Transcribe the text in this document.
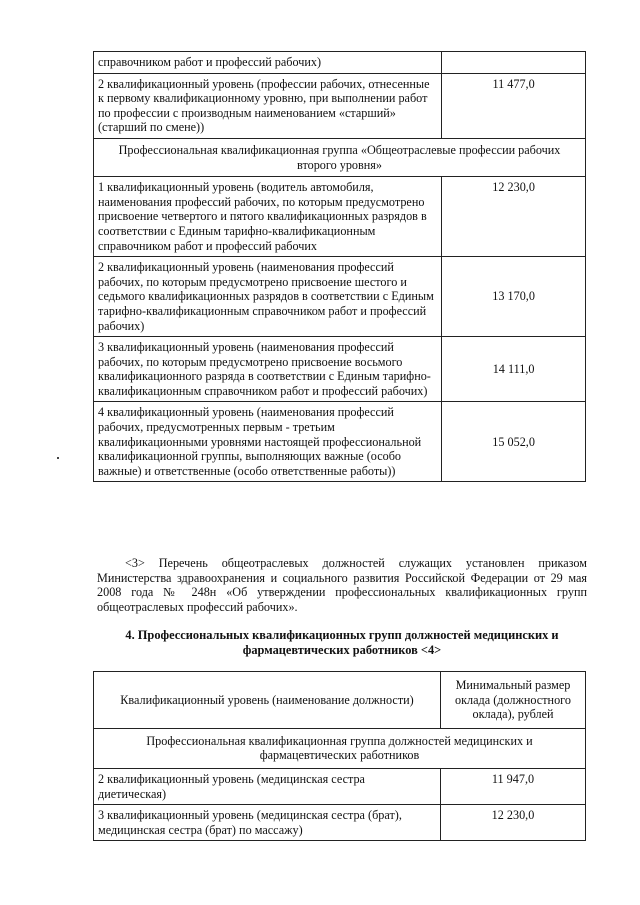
справочником работ и профессий рабочих)	
2 квалификационный уровень (профессии рабочих, отнесенные к первому квалификационному уровню, при выполнении работ по профессии с производным наименованием «старший» (старший по смене))	11 477,0
Профессиональная квалификационная группа «Общеотраслевые профессии рабочих второго уровня»	
1 квалификационный уровень (водитель автомобиля, наименования профессий рабочих, по которым предусмотрено присвоение четвертого и пятого квалификационных разрядов в соответствии с Единым тарифно-квалификационным справочником работ и профессий рабочих	12 230,0
2 квалификационный уровень (наименования профессий рабочих, по которым предусмотрено присвоение шестого и седьмого квалификационных разрядов в соответствии с Единым тарифно-квалификационным справочником работ и профессий рабочих)	13 170,0
3 квалификационный уровень (наименования профессий рабочих, по которым предусмотрено присвоение восьмого квалификационного разряда в соответствии с Единым тарифно-квалификационным справочником работ и профессий рабочих)	14 111,0
4 квалификационный уровень (наименования профессий рабочих, предусмотренных первым - третьим квалификационными уровнями настоящей профессиональной квалификационной группы, выполняющих важные (особо важные) и ответственные (особо ответственные работы))	15 052,0

<3> Перечень общеотраслевых должностей служащих установлен приказом Министерства здравоохранения и социального развития Российской Федерации от 29 мая 2008 года № 248н «Об утверждении профессиональных квалификационных групп общеотраслевых профессий рабочих».

4. Профессиональных квалификационных групп должностей медицинских и фармацевтических работников <4>

Квалификационный уровень (наименование должности)	Минимальный размер оклада (должностного оклада), рублей
Профессиональная квалификационная группа должностей медицинских и фармацевтических работников	
2 квалификационный уровень (медицинская сестра диетическая)	11 947,0
3 квалификационный уровень (медицинская сестра (брат), медицинская сестра (брат) по массажу)	12 230,0
